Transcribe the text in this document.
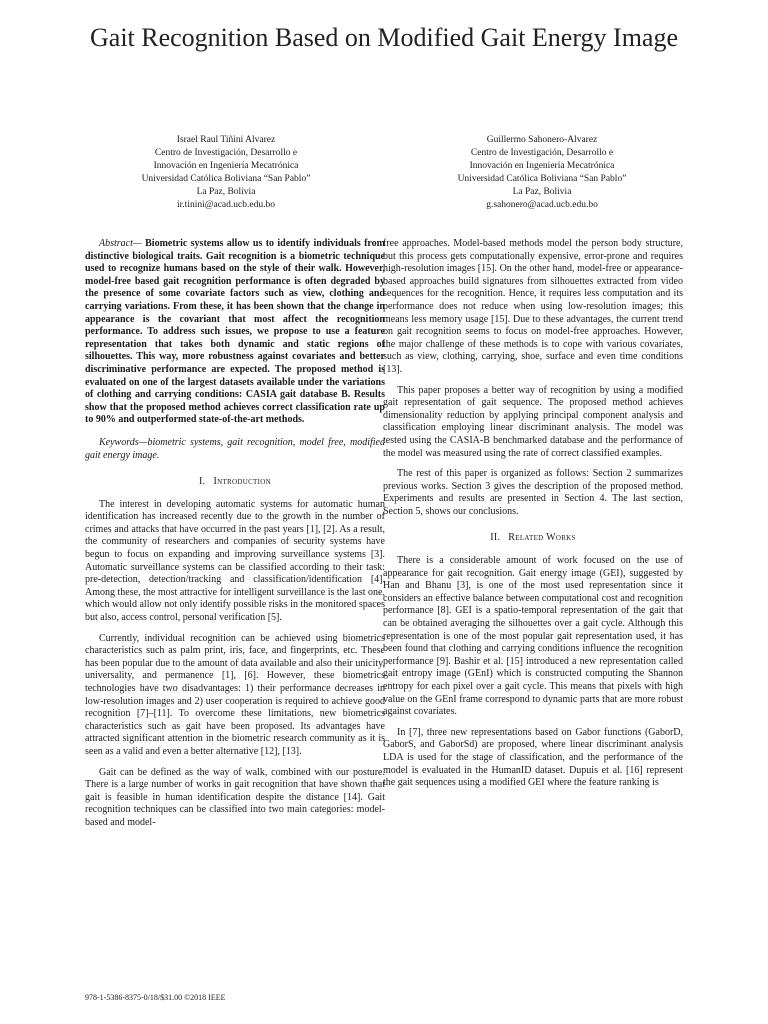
Gait Recognition Based on Modified Gait Energy Image
Israel Raul Tiñini Alvarez
Centro de Investigación, Desarrollo e
Innovación en Ingeniería Mecatrónica
Universidad Católica Boliviana “San Pablo”
La Paz, Bolivia
ir.tinini@acad.ucb.edu.bo
Guillermo Sahonero-Alvarez
Centro de Investigación, Desarrollo e
Innovación en Ingeniería Mecatrónica
Universidad Católica Boliviana “San Pablo”
La Paz, Bolivia
g.sahonero@acad.ucb.edu.bo

Abstract— Biometric systems allow us to identify individuals from distinctive biological traits. Gait recognition is a biometric technique used to recognize humans based on the style of their walk. However, model-free based gait recognition performance is often degraded by the presence of some covariate factors such as view, clothing and carrying variations. From these, it has been shown that the change in appearance is the covariant that most affect the recognition performance. To address such issues, we propose to use a feature representation that takes both dynamic and static regions of silhouettes. This way, more robustness against covariates and better discriminative performance are expected. The proposed method is evaluated on one of the largest datasets available under the variations of clothing and carrying conditions: CASIA gait database B. Results show that the proposed method achieves correct classification rate up to 90% and outperformed state-of-the-art methods.

Keywords—biometric systems, gait recognition, model free, modified gait energy image.

I. Introduction

The interest in developing automatic systems for automatic human identification has increased recently due to the growth in the number of crimes and attacks that have occurred in the past years [1], [2]. As a result, the community of researchers and companies of security systems have begun to focus on expanding and improving surveillance systems [3]. Automatic surveillance systems can be classified according to their task: pre-detection, detection/tracking and classification/identification [4]. Among these, the most attractive for intelligent surveillance is the last one, which would allow not only identify possible risks in the monitored spaces but also, access control, personal verification [5].

Currently, individual recognition can be achieved using biometrics characteristics such as palm print, iris, face, and fingerprints, etc. These has been popular due to the amount of data available and also their unicity, universality, and permanence [1], [6]. However, these biometrics technologies have two disadvantages: 1) their performance decreases in low-resolution images and 2) user cooperation is required to achieve good recognition [7]–[11]. To overcome these limitations, new biometrics characteristics such as gait have been proposed. Its advantages have attracted significant attention in the biometric research community as it is seen as a valid and even a better alternative [12], [13].

Gait can be defined as the way of walk, combined with our posture. There is a large number of works in gait recognition that have shown that gait is feasible in human identification despite the distance [14]. Gait recognition techniques can be classified into two main categories: model-based and model-

free approaches. Model-based methods model the person body structure, but this process gets computationally expensive, error-prone and requires high-resolution images [15]. On the other hand, model-free or appearance-based approaches build signatures from silhouettes extracted from video sequences for the recognition. Hence, it requires less computation and its performance does not reduce when using low-resolution images; this means less memory usage [15]. Due to these advantages, the current trend on gait recognition seems to focus on model-free approaches. However, the major challenge of these methods is to cope with various covariates, such as view, clothing, carrying, shoe, surface and even time conditions [13].

This paper proposes a better way of recognition by using a modified gait representation of gait sequence. The proposed method achieves dimensionality reduction by applying principal component analysis and classification employing linear discriminant analysis. The model was tested using the CASIA-B benchmarked database and the performance of the model was measured using the rate of correct classified examples.

The rest of this paper is organized as follows: Section 2 summarizes previous works. Section 3 gives the description of the proposed method. Experiments and results are presented in Section 4. The last section, Section 5, shows our conclusions.

II. Related Works

There is a considerable amount of work focused on the use of appearance for gait recognition. Gait energy image (GEI), suggested by Han and Bhanu [3], is one of the most used representation since it considers an effective balance between computational cost and recognition performance [8]. GEI is a spatio-temporal representation of the gait that can be obtained averaging the silhouettes over a gait cycle. Although this representation is one of the most popular gait representation used, it has been found that clothing and carrying conditions influence the recognition performance [9]. Bashir et al. [15] introduced a new representation called gait entropy image (GEnI) which is constructed computing the Shannon entropy for each pixel over a gait cycle. This means that pixels with high value on the GEnI frame correspond to dynamic parts that are more robust against covariates.

In [7], three new representations based on Gabor functions (GaborD, GaborS, and GaborSd) are proposed, where linear discriminant analysis LDA is used for the stage of classification, and the performance of the model is evaluated in the HumanID dataset. Dupuis et al. [16] represent the gait sequences using a modified GEI where the feature ranking is

978-1-5386-8375-0/18/$31.00 ©2018 IEEE
